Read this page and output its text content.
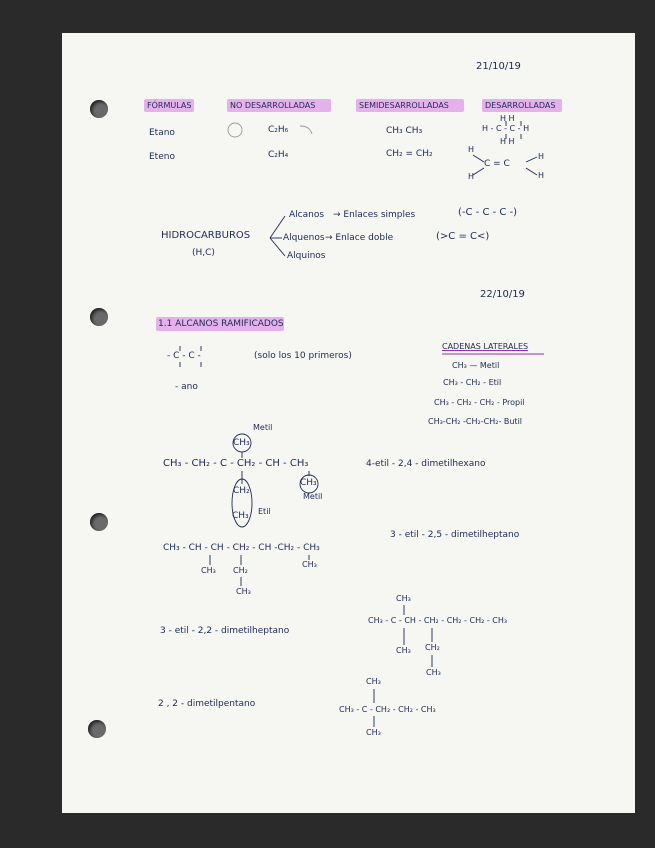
21/10/19
22/10/19
FÓRMULAS	NO DESARROLLADAS	SEMIDESARROLLADAS	DESARROLLADAS
Etano	C₂H₆	CH₃ CH₃
Eteno	C₂H₄	CH₂ = CH₂
H H
H - C - C - H
H H
H
H
C = C
H
H
HIDROCARBUROS
(H,C)
Alcanos → Enlaces simples	(-C - C - C -)
Alquenos → Enlace doble	(>C = C<)
Alquinos
1.1 ALCANOS RAMIFICADOS
- C - C -	(solo los 10 primeros)
- ano
CADENAS LATERALES
CH₃ — Metil
CH₃ - CH₂ - Etil
CH₃ - CH₂ - CH₂ - Propil
CH₃-CH₂ -CH₂-CH₂- Butil
Metil
CH₃
CH₃ - CH₂ - C - CH₂ - CH - CH₃	4-etil - 2,4 - dimetilhexano
CH₂
CH₃ Etil
CH₃
Metil
CH₃ - CH - CH - CH₂ - CH -CH₂ - CH₃
3 - etil - 2,5 - dimetilheptano
CH₃ CH₂
CH₃
CH₃
3 - etil - 2,2 - dimetilheptano
CH₃
CH₃ - C - CH - CH₂ - CH₂ - CH₂ - CH₃
CH₃ CH₂
CH₃
2 , 2 - dimetilpentano
CH₃
CH₃ - C - CH₂ - CH₂ - CH₃
CH₃
